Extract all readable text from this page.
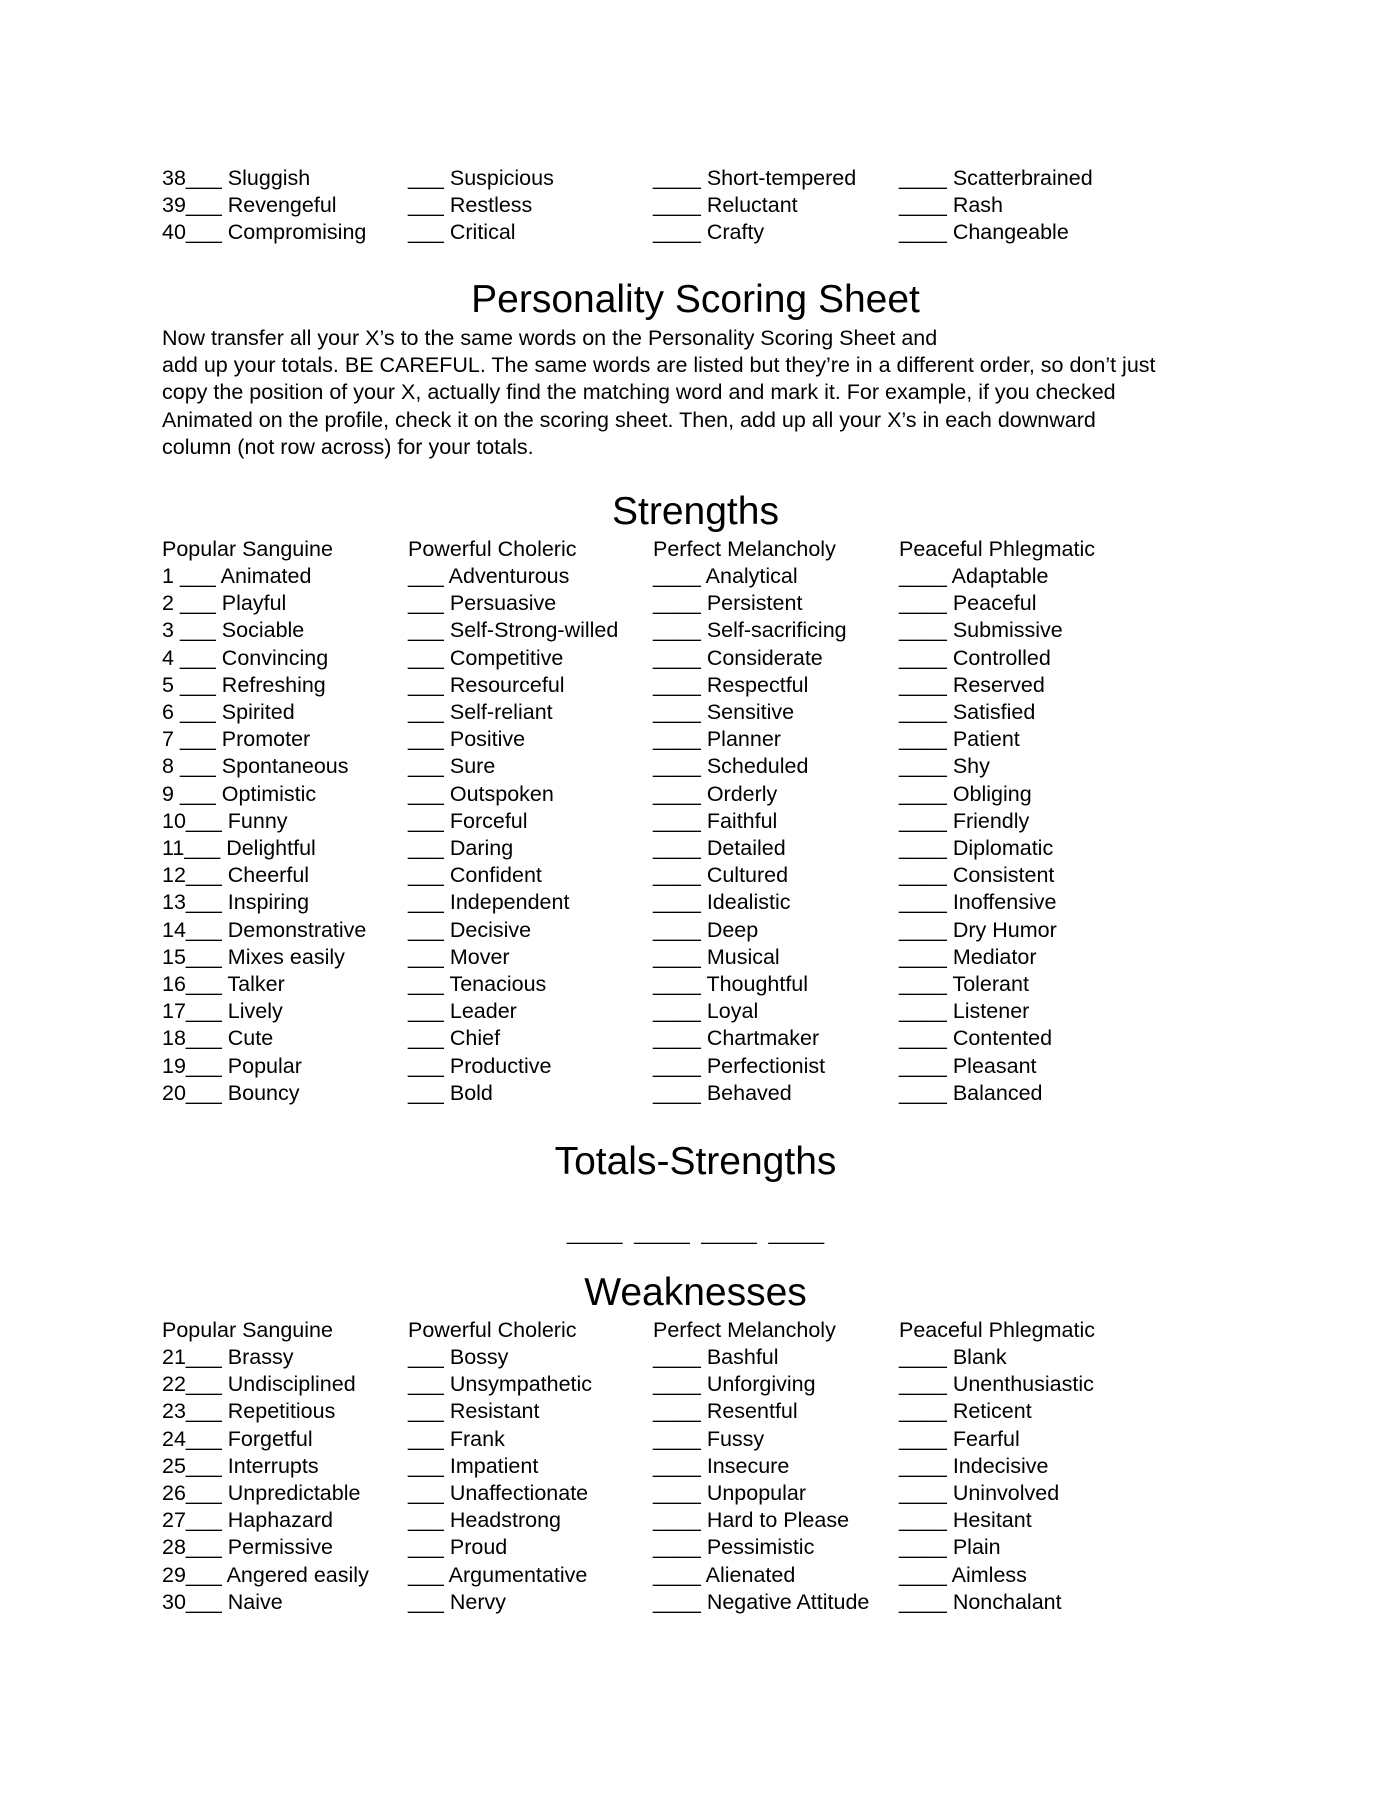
38___ Sluggish	___ Suspicious	____ Short-tempered ____ Scatterbrained
39___ Revengeful	___ Restless	____ Reluctant	____ Rash
40___ Compromising ___ Critical	____ Crafty	____ Changeable
Personality Scoring Sheet

Now transfer all your X’s to the same words on the Personality Scoring Sheet and

add up your totals. BE CAREFUL. The same words are listed but they’re in a different order, so don’t just

copy the position of your X, actually find the matching word and mark it. For example, if you checked

Animated on the profile, check it on the scoring sheet. Then, add up all your X’s in each downward

column (not row across) for your totals.

Strengths
Popular Sanguine	Powerful Choleric	Perfect Melancholy	Peaceful Phlegmatic
1 ___ Animated	___ Adventurous	____ Analytical	____ Adaptable
2 ___ Playful	___ Persuasive	____ Persistent	____ Peaceful
3 ___ Sociable	___ Self-Strong-willed ____ Self-sacrificing ____ Submissive
4 ___ Convincing	___ Competitive	____ Considerate	____ Controlled
5 ___ Refreshing	___ Resourceful	____ Respectful	____ Reserved
6 ___ Spirited	___ Self-reliant	____ Sensitive	____ Satisfied
7 ___ Promoter	___ Positive	____ Planner	____ Patient
8 ___ Spontaneous	___ Sure	____ Scheduled	____ Shy
9 ___ Optimistic	___ Outspoken	____ Orderly	____ Obliging
10___ Funny	___ Forceful	____ Faithful	____ Friendly
11___ Delightful	___ Daring	____ Detailed	____ Diplomatic
12___ Cheerful	___ Confident	____ Cultured	____ Consistent
13___ Inspiring	___ Independent	____ Idealistic	____ Inoffensive
14___ Demonstrative ___ Decisive	____ Deep	____ Dry Humor
15___ Mixes easily	___ Mover	____ Musical	____ Mediator
16___ Talker	___ Tenacious	____ Thoughtful	____ Tolerant
17___ Lively	___ Leader	____ Loyal	____ Listener
18___ Cute	___ Chief	____ Chartmaker	____ Contented
19___ Popular	___ Productive	____ Perfectionist	____ Pleasant
20___ Bouncy	___ Bold	____ Behaved	____ Balanced
Totals-Strengths
_____ _____ _____ _____
Weaknesses
Popular Sanguine	Powerful Choleric	Perfect Melancholy	Peaceful Phlegmatic
21___ Brassy	___ Bossy	____ Bashful	____ Blank
22___ Undisciplined ___ Unsympathetic	____ Unforgiving	____ Unenthusiastic
23___ Repetitious	___ Resistant	____ Resentful	____ Reticent
24___ Forgetful	___ Frank	____ Fussy	____ Fearful
25___ Interrupts	___ Impatient	____ Insecure	____ Indecisive
26___ Unpredictable ___ Unaffectionate	____ Unpopular	____ Uninvolved
27___ Haphazard	___ Headstrong	____ Hard to Please ____ Hesitant
28___ Permissive	___ Proud	____ Pessimistic	____ Plain
29___ Angered easily ___ Argumentative	____ Alienated	____ Aimless
30___ Naive	___ Nervy	____ Negative Attitude ____ Nonchalant
